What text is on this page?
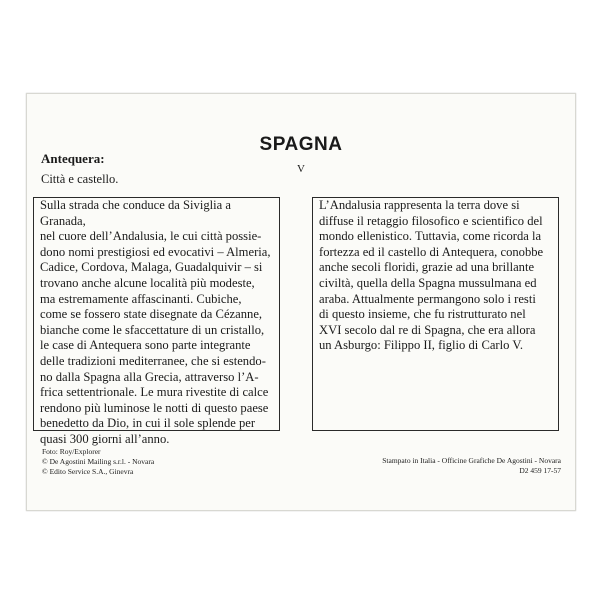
SPAGNA
V
Antequera:
Città e castello.

Sulla strada che conduce da Siviglia a Granada,
nel cuore dell’Andalusia, le cui città possie-
dono nomi prestigiosi ed evocativi – Almeria,
Cadice, Cordova, Malaga, Guadalquivir – si
trovano anche alcune località più modeste,
ma estremamente affascinanti. Cubiche,
come se fossero state disegnate da Cézanne,
bianche come le sfaccettature di un cristallo,
le case di Antequera sono parte integrante
delle tradizioni mediterranee, che si estendo-
no dalla Spagna alla Grecia, attraverso l’A-
frica settentrionale. Le mura rivestite di calce
rendono più luminose le notti di questo paese
benedetto da Dio, in cui il sole splende per
quasi 300 giorni all’anno.

L’Andalusia rappresenta la terra dove si
diffuse il retaggio filosofico e scientifico del
mondo ellenistico. Tuttavia, come ricorda la
fortezza ed il castello di Antequera, conobbe
anche secoli floridi, grazie ad una brillante
civiltà, quella della Spagna mussulmana ed
araba. Attualmente permangono solo i resti
di questo insieme, che fu ristrutturato nel
XVI secolo dal re di Spagna, che era allora
un Asburgo: Filippo II, figlio di Carlo V.

Foto: Roy/Explorer
© De Agostini Mailing s.r.l. - Novara
© Edito Service S.A., Ginevra
Stampato in Italia - Officine Grafiche De Agostini - Novara
D2 459 17-57
